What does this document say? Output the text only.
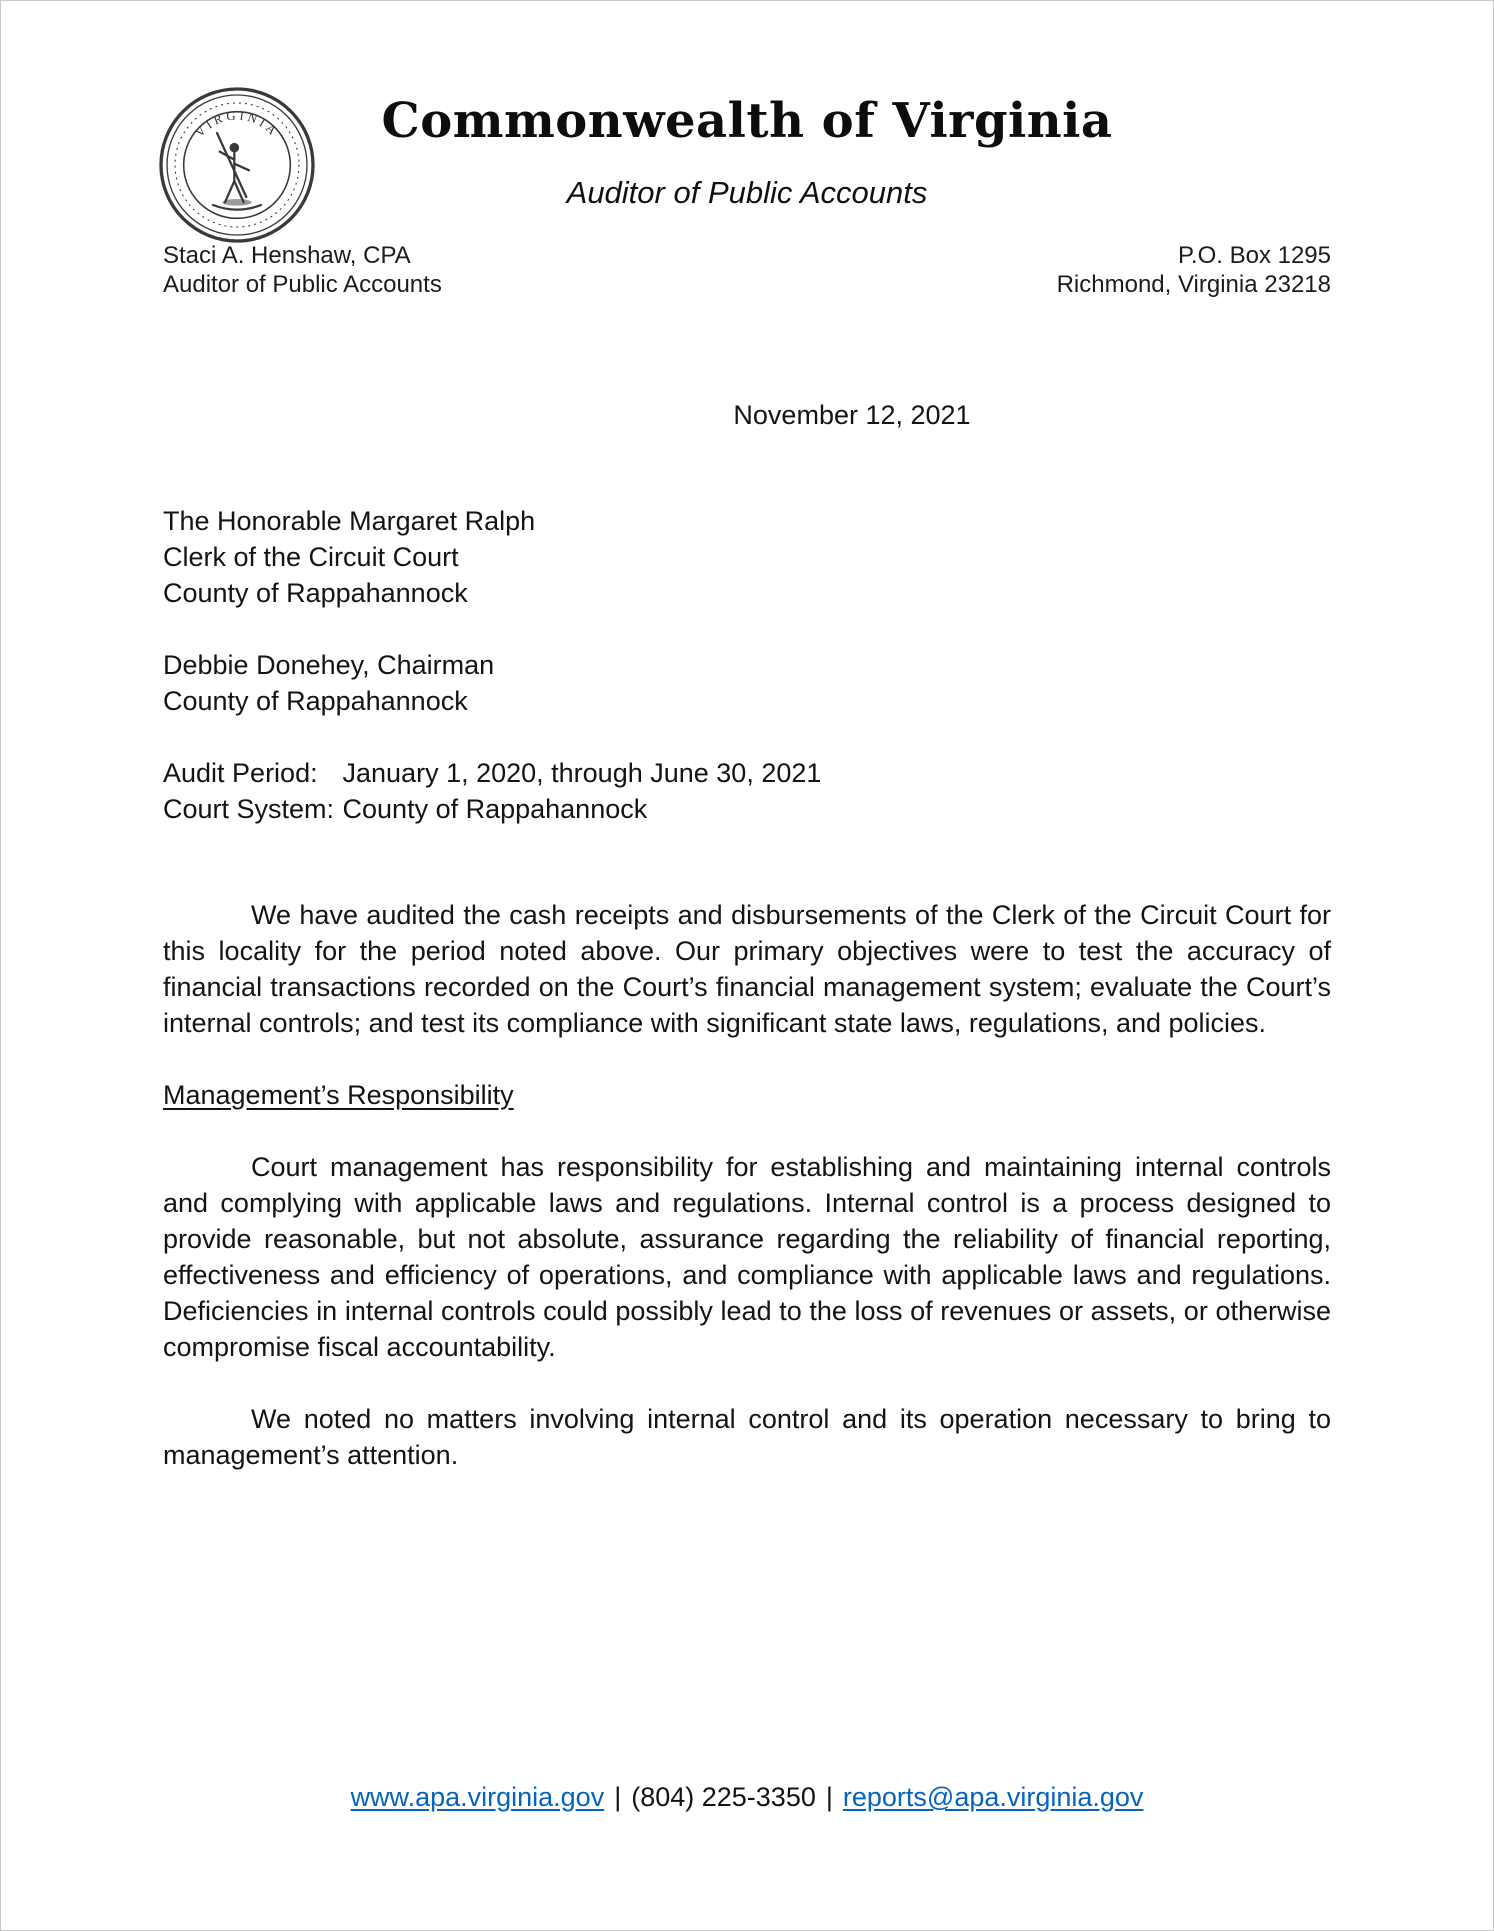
VIRGINIA	Commonwealth of Virginia
Auditor of Public Accounts
Staci A. Henshaw, CPA
Auditor of Public Accounts
P.O. Box 1295
Richmond, Virginia 23218
November 12, 2021
The Honorable Margaret Ralph
Clerk of the Circuit Court
County of Rappahannock
Debbie Donehey, Chairman
County of Rappahannock
Audit Period: January 1, 2020, through June 30, 2021
Court System: County of Rappahannock

We have audited the cash receipts and disbursements of the Clerk of the Circuit Court for this locality for the period noted above. Our primary objectives were to test the accuracy of financial transactions recorded on the Court’s financial management system; evaluate the Court’s internal controls; and test its compliance with significant state laws, regulations, and policies.

Management’s Responsibility

Court management has responsibility for establishing and maintaining internal controls and complying with applicable laws and regulations. Internal control is a process designed to provide reasonable, but not absolute, assurance regarding the reliability of financial reporting, effectiveness and efficiency of operations, and compliance with applicable laws and regulations. Deficiencies in internal controls could possibly lead to the loss of revenues or assets, or otherwise compromise fiscal accountability.

We noted no matters involving internal control and its operation necessary to bring to management’s attention.

www.apa.virginia.gov | (804) 225-3350 | reports@apa.virginia.gov
